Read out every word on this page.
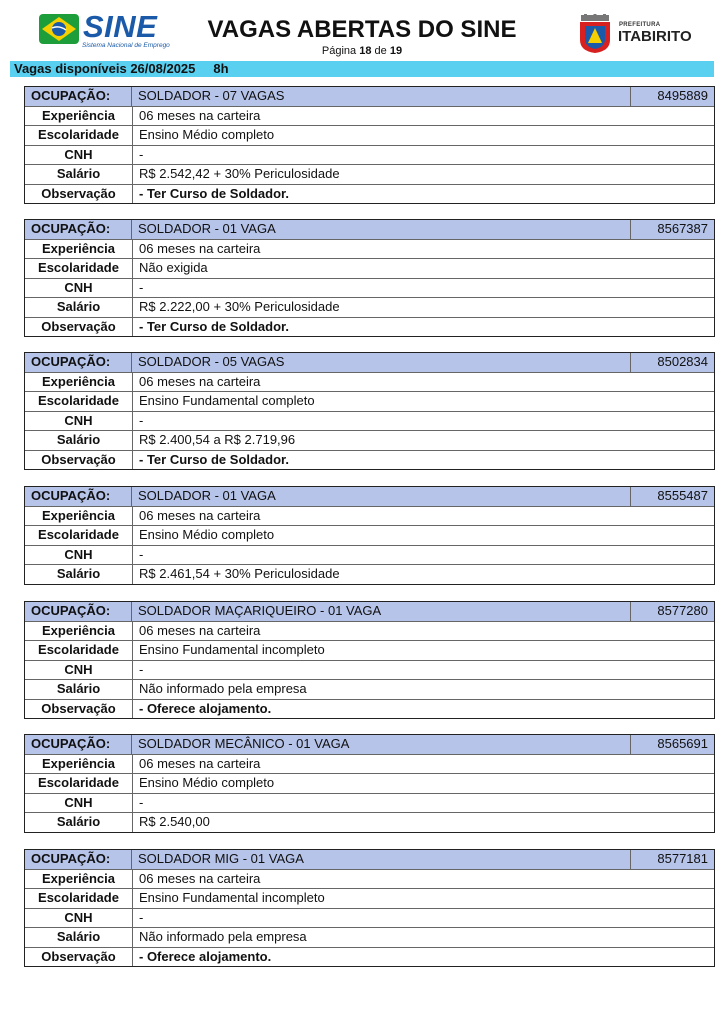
SINE
Sistema Nacional de Emprego
VAGAS ABERTAS DO SINE
Página 18 de 19
PREFEITURA
ITABIRITO
Vagas disponíveis 26/08/2025 8h
OCUPAÇÃO:	SOLDADOR - 07 VAGAS	8495889
Experiência	06 meses na carteira
Escolaridade	Ensino Médio completo
CNH	-
Salário	R$ 2.542,42 + 30% Periculosidade
Observação	- Ter Curso de Soldador.
OCUPAÇÃO:	SOLDADOR - 01 VAGA	8567387
Experiência	06 meses na carteira
Escolaridade	Não exigida
CNH	-
Salário	R$ 2.222,00 + 30% Periculosidade
Observação	- Ter Curso de Soldador.
OCUPAÇÃO:	SOLDADOR - 05 VAGAS	8502834
Experiência	06 meses na carteira
Escolaridade	Ensino Fundamental completo
CNH	-
Salário	R$ 2.400,54 a R$ 2.719,96
Observação	- Ter Curso de Soldador.
OCUPAÇÃO:	SOLDADOR - 01 VAGA	8555487
Experiência	06 meses na carteira
Escolaridade	Ensino Médio completo
CNH	-
Salário	R$ 2.461,54 + 30% Periculosidade
OCUPAÇÃO:	SOLDADOR MAÇARIQUEIRO - 01 VAGA	8577280
Experiência	06 meses na carteira
Escolaridade	Ensino Fundamental incompleto
CNH	-
Salário	Não informado pela empresa
Observação	- Oferece alojamento.
OCUPAÇÃO:	SOLDADOR MECÂNICO - 01 VAGA	8565691
Experiência	06 meses na carteira
Escolaridade	Ensino Médio completo
CNH	-
Salário	R$ 2.540,00
OCUPAÇÃO:	SOLDADOR MIG - 01 VAGA	8577181
Experiência	06 meses na carteira
Escolaridade	Ensino Fundamental incompleto
CNH	-
Salário	Não informado pela empresa
Observação	- Oferece alojamento.
